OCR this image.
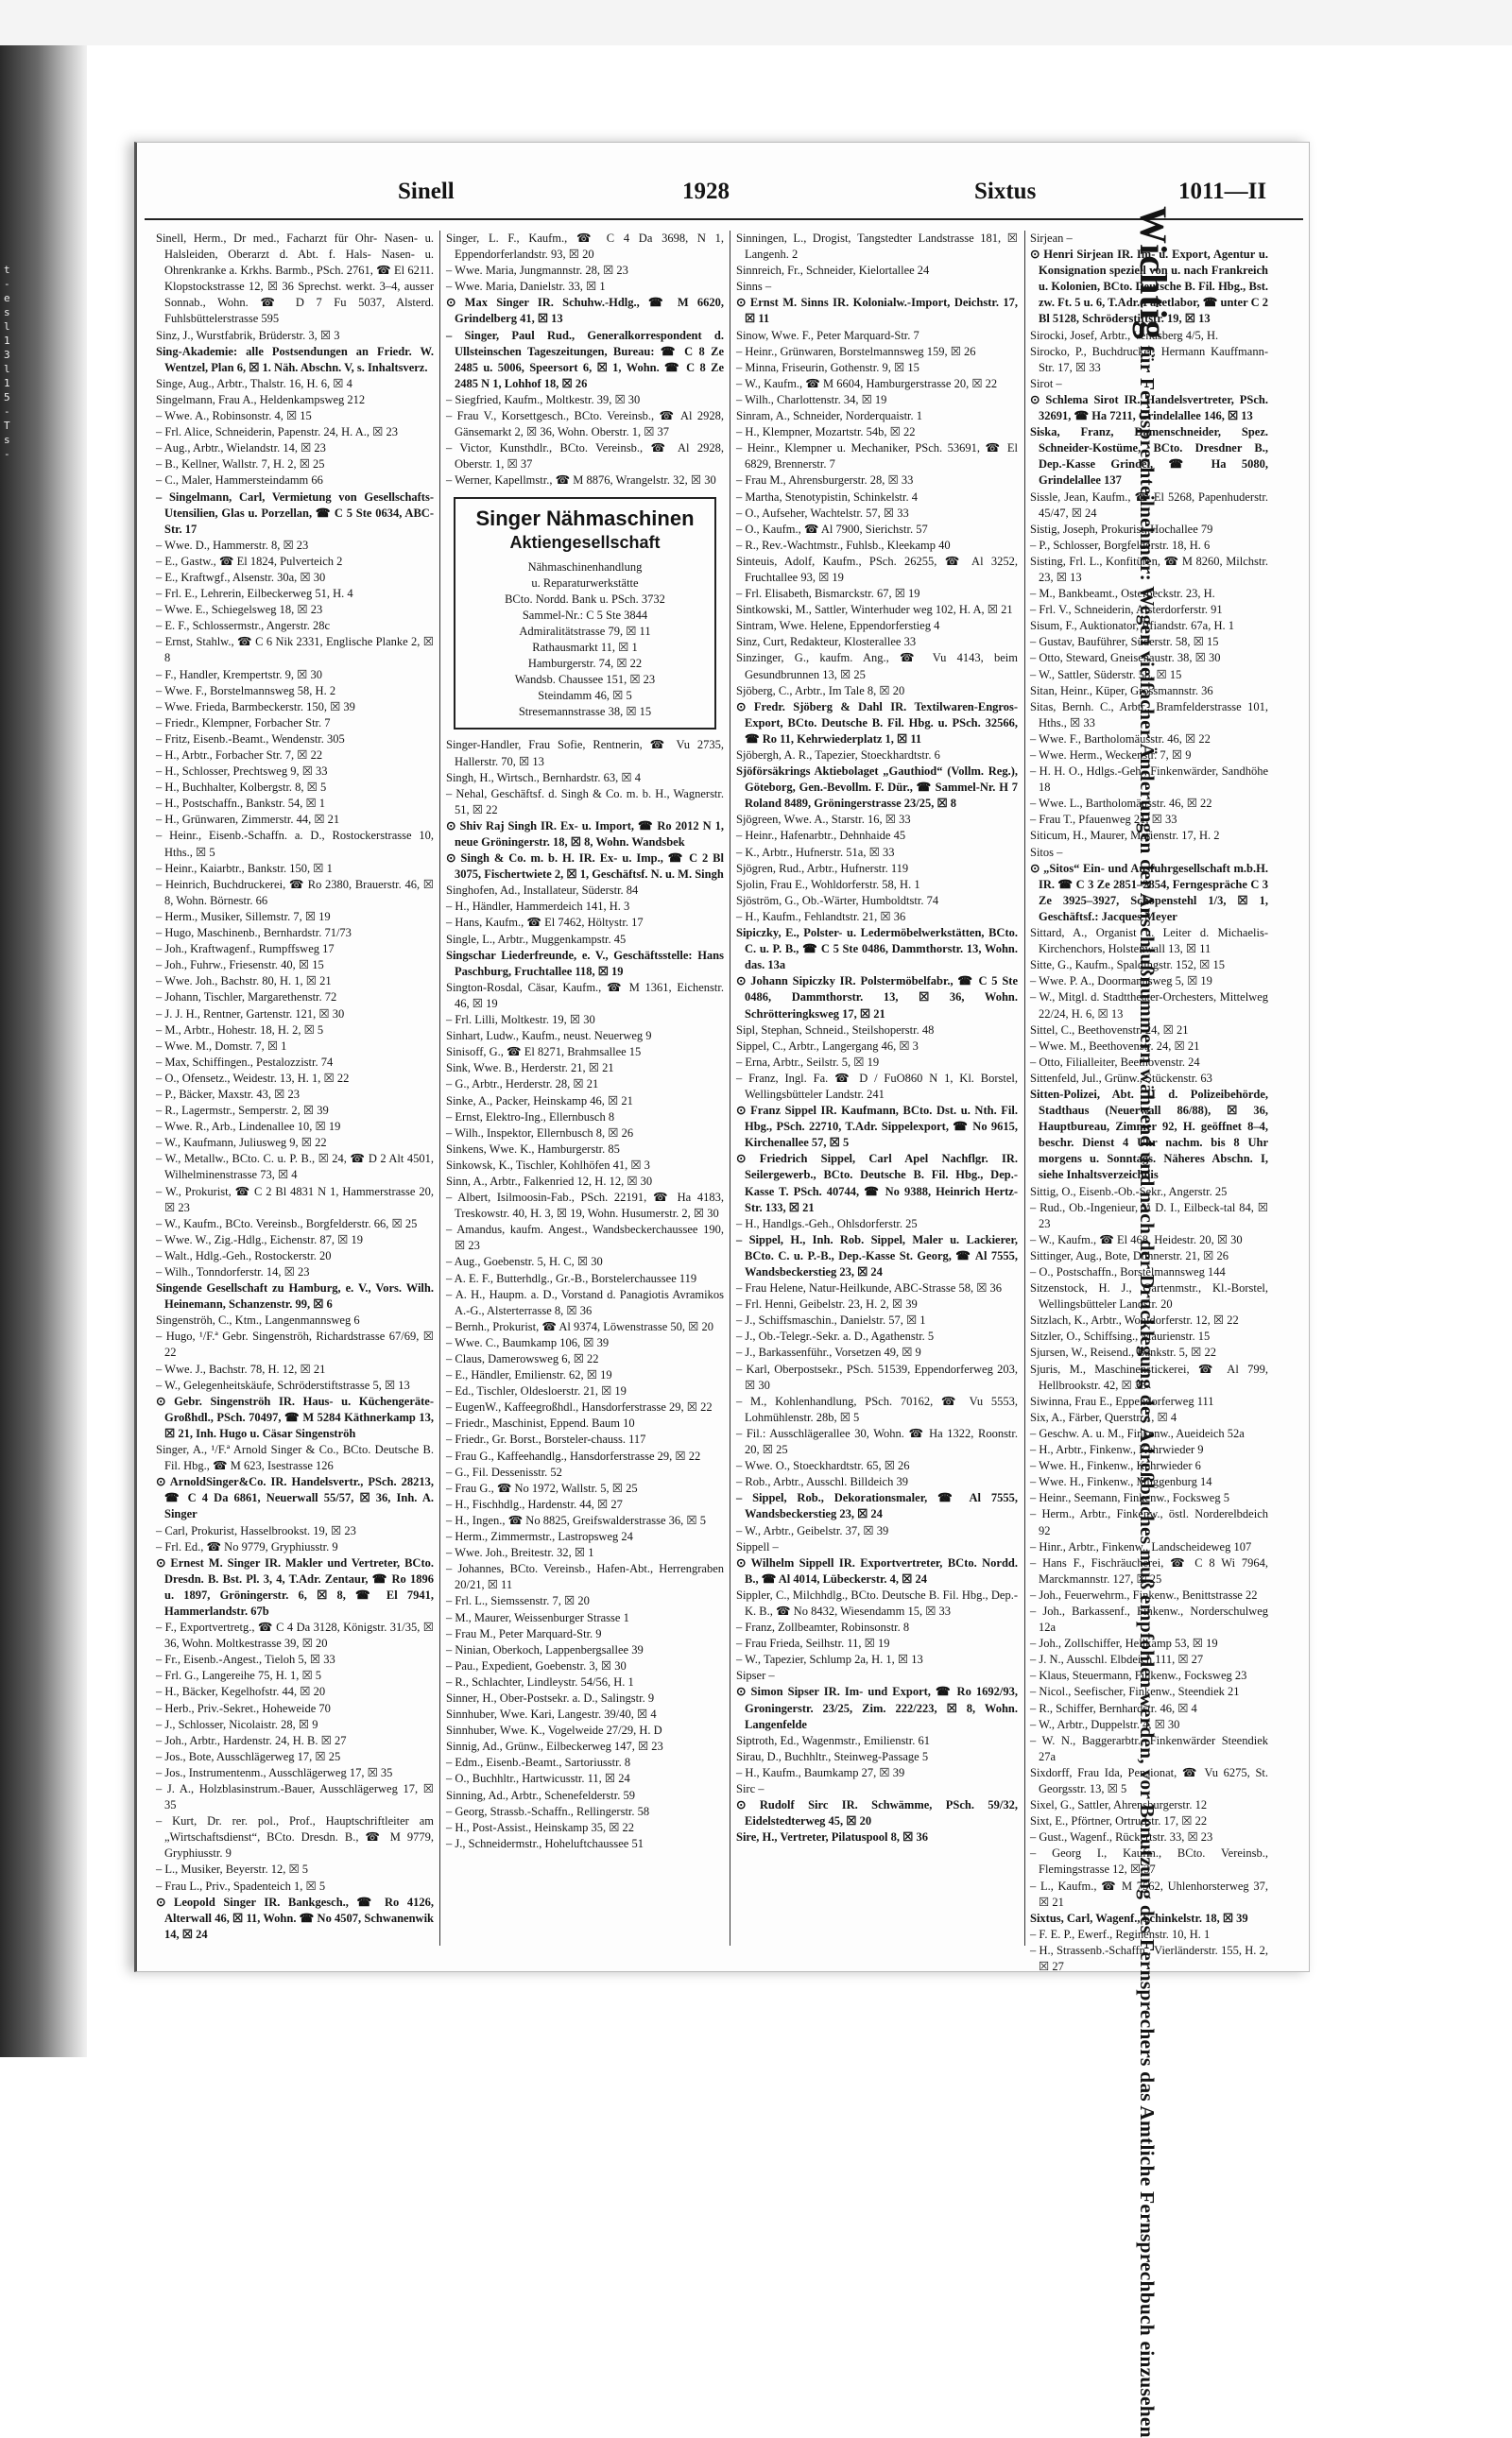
t
-
e
s
l
1
3
l
1
5
-
T
s
-
Sinell	1928	Sixtus	1011—II

Sinell, Herm., Dr med., Facharzt für Ohr- Nasen- u. Halsleiden, Oberarzt d. Abt. f. Hals- Nasen- u. Ohrenkranke a. Krkhs. Barmb., PSch. 2761, ☎ El 6211. Klopstockstrasse 12, ☒ 36 Sprechst. werkt. 3–4, ausser Sonnab., Wohn. ☎ D 7 Fu 5037, Alsterd. Fuhlsbüttelerstrasse 595

Sinz, J., Wurstfabrik, Brüderstr. 3, ☒ 3

Sing-Akademie: alle Postsendungen an Friedr. W. Wentzel, Plan 6, ☒ 1. Näh. Abschn. V, s. Inhaltsverz.

Singe, Aug., Arbtr., Thalstr. 16, H. 6, ☒ 4

Singelmann, Frau A., Heldenkampsweg 212

– Wwe. A., Robinsonstr. 4, ☒ 15

– Frl. Alice, Schneiderin, Papenstr. 24, H. A., ☒ 23

– Aug., Arbtr., Wielandstr. 14, ☒ 23

– B., Kellner, Wallstr. 7, H. 2, ☒ 25

– C., Maler, Hammersteindamm 66

– Singelmann, Carl, Vermietung von Gesellschafts-Utensilien, Glas u. Porzellan, ☎ C 5 Ste 0634, ABC-Str. 17

– Wwe. D., Hammerstr. 8, ☒ 23

– E., Gastw., ☎ El 1824, Pulverteich 2

– E., Kraftwgf., Alsenstr. 30a, ☒ 30

– Frl. E., Lehrerin, Eilbeckerweg 51, H. 4

– Wwe. E., Schiegelsweg 18, ☒ 23

– E. F., Schlossermstr., Angerstr. 28c

– Ernst, Stahlw., ☎ C 6 Nik 2331, Englische Planke 2, ☒ 8

– F., Handler, Krempertstr. 9, ☒ 30

– Wwe. F., Borstelmannsweg 58, H. 2

– Wwe. Frieda, Barmbeckerstr. 150, ☒ 39

– Friedr., Klempner, Forbacher Str. 7

– Fritz, Eisenb.-Beamt., Wendenstr. 305

– H., Arbtr., Forbacher Str. 7, ☒ 22

– H., Schlosser, Prechtsweg 9, ☒ 33

– H., Buchhalter, Kolbergstr. 8, ☒ 5

– H., Postschaffn., Bankstr. 54, ☒ 1

– H., Grünwaren, Zimmerstr. 44, ☒ 21

– Heinr., Eisenb.-Schaffn. a. D., Rostockerstrasse 10, Hths., ☒ 5

– Heinr., Kaiarbtr., Bankstr. 150, ☒ 1

– Heinrich, Buchdruckerei, ☎ Ro 2380, Brauerstr. 46, ☒ 8, Wohn. Börnestr. 66

– Herm., Musiker, Sillemstr. 7, ☒ 19

– Hugo, Maschinenb., Bernhardstr. 71/73

– Joh., Kraftwagenf., Rumpffsweg 17

– Joh., Fuhrw., Friesenstr. 40, ☒ 15

– Wwe. Joh., Bachstr. 80, H. 1, ☒ 21

– Johann, Tischler, Margarethenstr. 72

– J. J. H., Rentner, Gartenstr. 121, ☒ 30

– M., Arbtr., Hohestr. 18, H. 2, ☒ 5

– Wwe. M., Domstr. 7, ☒ 1

– Max, Schiffingen., Pestalozzistr. 74

– O., Ofensetz., Weidestr. 13, H. 1, ☒ 22

– P., Bäcker, Maxstr. 43, ☒ 23

– R., Lagermstr., Semperstr. 2, ☒ 39

– Wwe. R., Arb., Lindenallee 10, ☒ 19

– W., Kaufmann, Juliusweg 9, ☒ 22

– W., Metallw., BCto. C. u. P. B., ☒ 24, ☎ D 2 Alt 4501, Wilhelminenstrasse 73, ☒ 4

– W., Prokurist, ☎ C 2 Bl 4831 N 1, Hammerstrasse 20, ☒ 23

– W., Kaufm., BCto. Vereinsb., Borgfelderstr. 66, ☒ 25

– Wwe. W., Zig.-Hdlg., Eichenstr. 87, ☒ 19

– Walt., Hdlg.-Geh., Rostockerstr. 20

– Wilh., Tonndorferstr. 14, ☒ 23

Singende Gesellschaft zu Hamburg, e. V., Vors. Wilh. Heinemann, Schanzenstr. 99, ☒ 6

Singenströh, C., Ktm., Langenmannsweg 6

– Hugo, ¹/F.ª Gebr. Singenströh, Richardstrasse 67/69, ☒ 22

– Wwe. J., Bachstr. 78, H. 12, ☒ 21

– W., Gelegenheitskäufe, Schröderstiftstrasse 5, ☒ 13

⊙ Gebr. Singenströh IR. Haus- u. Küchengeräte-Großhdl., PSch. 70497, ☎ M 5284 Käthnerkamp 13, ☒ 21, Inh. Hugo u. Cäsar Singenströh

Singer, A., ¹/F.ª Arnold Singer & Co., BCto. Deutsche B. Fil. Hbg., ☎ M 623, Isestrasse 126

⊙ ArnoldSinger&Co. IR. Handelsvertr., PSch. 28213, ☎ C 4 Da 6861, Neuerwall 55/57, ☒ 36, Inh. A. Singer

– Carl, Prokurist, Hasselbrookst. 19, ☒ 23

– Frl. Ed., ☎ No 9779, Gryphiusstr. 9

⊙ Ernest M. Singer IR. Makler und Vertreter, BCto. Dresdn. B. Bst. Pl. 3, 4, T.Adr. Zentaur, ☎ Ro 1896 u. 1897, Gröningerstr. 6, ☒ 8, ☎ El 7941, Hammerlandstr. 67b

– F., Exportvertretg., ☎ C 4 Da 3128, Königstr. 31/35, ☒ 36, Wohn. Moltkestrasse 39, ☒ 20

– Fr., Eisenb.-Angest., Tieloh 5, ☒ 33

– Frl. G., Langereihe 75, H. 1, ☒ 5

– H., Bäcker, Kegelhofstr. 44, ☒ 20

– Herb., Priv.-Sekret., Hoheweide 70

– J., Schlosser, Nicolaistr. 28, ☒ 9

– Joh., Arbtr., Hardenstr. 24, H. B. ☒ 27

– Jos., Bote, Ausschlägerweg 17, ☒ 25

– Jos., Instrumentenm., Ausschlägerweg 17, ☒ 35

– J. A., Holzblasinstrum.-Bauer, Ausschlägerweg 17, ☒ 35

– Kurt, Dr. rer. pol., Prof., Hauptschriftleiter am „Wirtschaftsdienst“, BCto. Dresdn. B., ☎ M 9779, Gryphiusstr. 9

– L., Musiker, Beyerstr. 12, ☒ 5

– Frau L., Priv., Spadenteich 1, ☒ 5

⊙ Leopold Singer IR. Bankgesch., ☎ Ro 4126, Alterwall 46, ☒ 11, Wohn. ☎ No 4507, Schwanenwik 14, ☒ 24

Singer, L. F., Kaufm., ☎ C 4 Da 3698, N 1, Eppendorferlandstr. 93, ☒ 20

– Wwe. Maria, Jungmannstr. 28, ☒ 23

– Wwe. Maria, Danielstr. 33, ☒ 1

⊙ Max Singer IR. Schuhw.-Hdlg., ☎ M 6620, Grindelberg 41, ☒ 13

– Singer, Paul Rud., Generalkorrespondent d. Ullsteinschen Tageszeitungen, Bureau: ☎ C 8 Ze 2485 u. 5006, Speersort 6, ☒ 1, Wohn. ☎ C 8 Ze 2485 N 1, Lohhof 18, ☒ 26

– Siegfried, Kaufm., Moltkestr. 39, ☒ 30

– Frau V., Korsettgesch., BCto. Vereinsb., ☎ Al 2928, Gänsemarkt 2, ☒ 36, Wohn. Oberstr. 1, ☒ 37

– Victor, Kunsthdlr., BCto. Vereinsb., ☎ Al 2928, Oberstr. 1, ☒ 37

– Werner, Kapellmstr., ☎ M 8876, Wrangelstr. 32, ☒ 30

Singer Nähmaschinen
Aktiengesellschaft
Nähmaschinenhandlung
u. Reparaturwerkstätte
BCto. Nordd. Bank u. PSch. 3732
Sammel-Nr.: C 5 Ste 3844
Admiralitätstrasse 79, ☒ 11
Rathausmarkt 11, ☒ 1
Hamburgerstr. 74, ☒ 22
Wandsb. Chaussee 151, ☒ 23
Steindamm 46, ☒ 5
Stresemannstrasse 38, ☒ 15

Singer-Handler, Frau Sofie, Rentnerin, ☎ Vu 2735, Hallerstr. 70, ☒ 13

Singh, H., Wirtsch., Bernhardstr. 63, ☒ 4

– Nehal, Geschäftsf. d. Singh & Co. m. b. H., Wagnerstr. 51, ☒ 22

⊙ Shiv Raj Singh IR. Ex- u. Import, ☎ Ro 2012 N 1, neue Gröningerstr. 18, ☒ 8, Wohn. Wandsbek

⊙ Singh & Co. m. b. H. IR. Ex- u. Imp., ☎ C 2 Bl 3075, Fischertwiete 2, ☒ 1, Geschäftsf. N. u. M. Singh

Singhofen, Ad., Installateur, Süderstr. 84

– H., Händler, Hammerdeich 141, H. 3

– Hans, Kaufm., ☎ El 7462, Höltystr. 17

Single, L., Arbtr., Muggenkampstr. 45

Singschar Liederfreunde, e. V., Geschäftsstelle: Hans Paschburg, Fruchtallee 118, ☒ 19

Sington-Rosdal, Cäsar, Kaufm., ☎ M 1361, Eichenstr. 46, ☒ 19

– Frl. Lilli, Moltkestr. 19, ☒ 30

Sinhart, Ludw., Kaufm., neust. Neuerweg 9

Sinisoff, G., ☎ El 8271, Brahmsallee 15

Sink, Wwe. B., Herderstr. 21, ☒ 21

– G., Arbtr., Herderstr. 28, ☒ 21

Sinke, A., Packer, Heinskamp 46, ☒ 21

– Ernst, Elektro-Ing., Ellernbusch 8

– Wilh., Inspektor, Ellernbusch 8, ☒ 26

Sinkens, Wwe. K., Hamburgerstr. 85

Sinkowsk, K., Tischler, Kohlhöfen 41, ☒ 3

Sinn, A., Arbtr., Falkenried 12, H. 12, ☒ 30

– Albert, Isilmoosin-Fab., PSch. 22191, ☎ Ha 4183, Treskowstr. 40, H. 3, ☒ 19, Wohn. Husumerstr. 2, ☒ 30

– Amandus, kaufm. Angest., Wandsbeckerchaussee 190, ☒ 23

– Aug., Goebenstr. 5, H. C, ☒ 30

– A. E. F., Butterhdlg., Gr.-B., Borstelerchaussee 119

– A. H., Haupm. a. D., Vorstand d. Panagiotis Avramikos A.-G., Alsterterrasse 8, ☒ 36

– Bernh., Prokurist, ☎ Al 9374, Löwenstrasse 50, ☒ 20

– Wwe. C., Baumkamp 106, ☒ 39

– Claus, Damerowsweg 6, ☒ 22

– E., Händler, Emilienstr. 62, ☒ 19

– Ed., Tischler, Oldesloerstr. 21, ☒ 19

– EugenW., Kaffeegroßhdl., Hansdorferstrasse 29, ☒ 22

– Friedr., Maschinist, Eppend. Baum 10

– Friedr., Gr. Borst., Borsteler-chauss. 117

– Frau G., Kaffeehandlg., Hansdorferstrasse 29, ☒ 22

– G., Fil. Dessenisstr. 52

– Frau G., ☎ No 1972, Wallstr. 5, ☒ 25

– H., Fischhdlg., Hardenstr. 44, ☒ 27

– H., Ingen., ☎ No 8825, Greifswalderstrasse 36, ☒ 5

– Herm., Zimmermstr., Lastropsweg 24

– Wwe. Joh., Breitestr. 32, ☒ 1

– Johannes, BCto. Vereinsb., Hafen-Abt., Herrengraben 20/21, ☒ 11

– Frl. L., Siemssenstr. 7, ☒ 20

– M., Maurer, Weissenburger Strasse 1

– Frau M., Peter Marquard-Str. 9

– Ninian, Oberkoch, Lappenbergsallee 39

– Pau., Expedient, Goebenstr. 3, ☒ 30

– R., Schlachter, Lindleystr. 54/56, H. 1

Sinner, H., Ober-Postsekr. a. D., Salingstr. 9

Sinnhuber, Wwe. Kari, Langestr. 39/40, ☒ 4

Sinnhuber, Wwe. K., Vogelweide 27/29, H. D

Sinnig, Ad., Grünw., Eilbeckerweg 147, ☒ 23

– Edm., Eisenb.-Beamt., Sartoriusstr. 8

– O., Buchhltr., Hartwicusstr. 11, ☒ 24

Sinning, Ad., Arbtr., Schenefelderstr. 59

– Georg, Strassb.-Schaffn., Rellingerstr. 58

– H., Post-Assist., Heinskamp 35, ☒ 22

– J., Schneidermstr., Hoheluftchaussee 51

Sinningen, L., Drogist, Tangstedter Landstrasse 181, ☒ Langenh. 2

Sinnreich, Fr., Schneider, Kielortallee 24

Sinns –

⊙ Ernst M. Sinns IR. Kolonialw.-Import, Deichstr. 17, ☒ 11

Sinow, Wwe. F., Peter Marquard-Str. 7

– Heinr., Grünwaren, Borstelmannsweg 159, ☒ 26

– Minna, Friseurin, Gothenstr. 9, ☒ 15

– W., Kaufm., ☎ M 6604, Hamburgerstrasse 20, ☒ 22

– Wilh., Charlottenstr. 34, ☒ 19

Sinram, A., Schneider, Norderquaistr. 1

– H., Klempner, Mozartstr. 54b, ☒ 22

– Heinr., Klempner u. Mechaniker, PSch. 53691, ☎ El 6829, Brennerstr. 7

– Frau M., Ahrensburgerstr. 28, ☒ 33

– Martha, Stenotypistin, Schinkelstr. 4

– O., Aufseher, Wachtelstr. 57, ☒ 33

– O., Kaufm., ☎ Al 7900, Sierichstr. 57

– R., Rev.-Wachtmstr., Fuhlsb., Kleekamp 40

Sinteuis, Adolf, Kaufm., PSch. 26255, ☎ Al 3252, Fruchtallee 93, ☒ 19

– Frl. Elisabeth, Bismarckstr. 67, ☒ 19

Sintkowski, M., Sattler, Winterhuder weg 102, H. A, ☒ 21

Sintram, Wwe. Helene, Eppendorferstieg 4

Sinz, Curt, Redakteur, Klosterallee 33

Sinzinger, G., kaufm. Ang., ☎ Vu 4143, beim Gesundbrunnen 13, ☒ 25

Sjöberg, C., Arbtr., Im Tale 8, ☒ 20

⊙ Fredr. Sjöberg & Dahl IR. Textilwaren-Engros-Export, BCto. Deutsche B. Fil. Hbg. u. PSch. 32566, ☎ Ro 11, Kehrwiederplatz 1, ☒ 11

Sjöbergh, A. R., Tapezier, Stoeckhardtstr. 6

Sjöförsäkrings Aktiebolaget „Gauthiod“ (Vollm. Reg.), Göteborg, Gen.-Bevollm. F. Dür., ☎ Sammel-Nr. H 7 Roland 8489, Gröningerstrasse 23/25, ☒ 8

Sjögreen, Wwe. A., Starstr. 16, ☒ 33

– Heinr., Hafenarbtr., Dehnhaide 45

– K., Arbtr., Hufnerstr. 51a, ☒ 33

Sjögren, Rud., Arbtr., Hufnerstr. 119

Sjolin, Frau E., Wohldorferstr. 58, H. 1

Sjöström, G., Ob.-Wärter, Humboldtstr. 74

– H., Kaufm., Fehlandtstr. 21, ☒ 36

Sipiczky, E., Polster- u. Ledermöbelwerkstätten, BCto. C. u. P. B., ☎ C 5 Ste 0486, Dammthorstr. 13, Wohn. das. 13a

⊙ Johann Sipiczky IR. Polstermöbelfabr., ☎ C 5 Ste 0486, Dammthorstr. 13, ☒ 36, Wohn. Schrötteringksweg 17, ☒ 21

Sipl, Stephan, Schneid., Steilshoperstr. 48

Sippel, C., Arbtr., Langergang 46, ☒ 3

– Erna, Arbtr., Seilstr. 5, ☒ 19

– Franz, Ingl. Fa. ☎ D / FuO860 N 1, Kl. Borstel, Wellingsbütteler Landstr. 241

⊙ Franz Sippel IR. Kaufmann, BCto. Dst. u. Nth. Fil. Hbg., PSch. 22710, T.Adr. Sippelexport, ☎ No 9615, Kirchenallee 57, ☒ 5

⊙ Friedrich Sippel, Carl Apel Nachflgr. IR. Seilergewerb., BCto. Deutsche B. Fil. Hbg., Dep.-Kasse T. PSch. 40744, ☎ No 9388, Heinrich Hertz-Str. 133, ☒ 21

– H., Handlgs.-Geh., Ohlsdorferstr. 25

– Sippel, H., Inh. Rob. Sippel, Maler u. Lackierer, BCto. C. u. P.-B., Dep.-Kasse St. Georg, ☎ Al 7555, Wandsbeckerstieg 23, ☒ 24

– Frau Helene, Natur-Heilkunde, ABC-Strasse 58, ☒ 36

– Frl. Henni, Geibelstr. 23, H. 2, ☒ 39

– J., Schiffsmaschin., Danielstr. 57, ☒ 1

– J., Ob.-Telegr.-Sekr. a. D., Agathenstr. 5

– J., Barkassenführ., Vorsetzen 49, ☒ 9

– Karl, Oberpostsekr., PSch. 51539, Eppendorferweg 203, ☒ 30

– M., Kohlenhandlung, PSch. 70162, ☎ Vu 5553, Lohmühlenstr. 28b, ☒ 5

– Fil.: Ausschlägerallee 30, Wohn. ☎ Ha 1322, Roonstr. 20, ☒ 25

– Wwe. O., Stoeckhardtstr. 65, ☒ 26

– Rob., Arbtr., Ausschl. Billdeich 39

– Sippel, Rob., Dekorationsmaler, ☎ Al 7555, Wandsbeckerstieg 23, ☒ 24

– W., Arbtr., Geibelstr. 37, ☒ 39

Sippell –

⊙ Wilhelm Sippell IR. Exportvertreter, BCto. Nordd. B., ☎ Al 4014, Lübeckerstr. 4, ☒ 24

Sippler, C., Milchhdlg., BCto. Deutsche B. Fil. Hbg., Dep.-K. B., ☎ No 8432, Wiesendamm 15, ☒ 33

– Franz, Zollbeamter, Robinsonstr. 8

– Frau Frieda, Seilhstr. 11, ☒ 19

– W., Tapezier, Schlump 2a, H. 1, ☒ 13

Sipser –

⊙ Simon Sipser IR. Im- und Export, ☎ Ro 1692/93, Groningerstr. 23/25, Zim. 222/223, ☒ 8, Wohn. Langenfelde

Siptroth, Ed., Wagenmstr., Emilienstr. 61

Sirau, D., Buchhltr., Steinweg-Passage 5

– H., Kaufm., Baumkamp 27, ☒ 39

Sirc –

⊙ Rudolf Sirc IR. Schwämme, PSch. 59/32, Eidelstedterweg 45, ☒ 20

Sire, H., Vertreter, Pilatuspool 8, ☒ 36

Sirjean –

⊙ Henri Sirjean IR. Im- u. Export, Agentur u. Konsignation speziell von u. nach Frankreich u. Kolonien, BCto. Deutsche B. Fil. Hbg., Bst. zw. Ft. 5 u. 6, T.Adr. Paxetlabor, ☎ unter C 2 Bl 5128, Schröderstiftstr. 19, ☒ 13

Sirocki, Josef, Arbtr., Venusberg 4/5, H.

Sirocko, P., Buchdrucker, Hermann Kauffmann-Str. 17, ☒ 33

Sirot –

⊙ Schlema Sirot IR. Handelsvertreter, PSch. 32691, ☎ Ha 7211, Grindelallee 146, ☒ 13

Siska, Franz, Damenschneider, Spez. Schneider-Kostüme, BCto. Dresdner B., Dep.-Kasse Grindel, ☎ Ha 5080, Grindelallee 137

Sissle, Jean, Kaufm., ☎ El 5268, Papenhuderstr. 45/47, ☒ 24

Sistig, Joseph, Prokurist, Hochallee 79

– P., Schlosser, Borgfelderstr. 18, H. 6

Sisting, Frl. L., Konfitüren, ☎ M 8260, Milchstr. 23, ☒ 13

– M., Bankbeamt., Osterbeckstr. 23, H.

– Frl. V., Schneiderin, Alsterdorferstr. 91

Sisum, F., Auktionator, Iffiandstr. 67a, H. 1

– Gustav, Bauführer, Süderstr. 58, ☒ 15

– Otto, Steward, Gneisenaustr. 38, ☒ 30

– W., Sattler, Süderstr. 58, ☒ 15

Sitan, Heinr., Küper, Grossmannstr. 36

Sitas, Bernh. C., Arbtr., Bramfelderstrasse 101, Hths., ☒ 33

– Wwe. F., Bartholomäusstr. 46, ☒ 22

– Wwe. Herm., Weckenstr. 7, ☒ 9

– H. H. O., Hdlgs.-Geh., Finkenwärder, Sandhöhe 18

– Wwe. L., Bartholomäusstr. 46, ☒ 22

– Frau T., Pfauenweg 21, ☒ 33

Siticum, H., Maurer, Marienstr. 17, H. 2

Sitos –

⊙ „Sitos“ Ein- und Ausfuhrgesellschaft m.b.H. IR. ☎ C 3 Ze 2851–2854, Ferngespräche C 3 Ze 3925–3927, Schopenstehl 1/3, ☒ 1, Geschäftsf.: Jacques Meyer

Sittard, A., Organist u. Leiter d. Michaelis-Kirchenchors, Holstenwall 13, ☒ 11

Sitte, G., Kaufm., Spaldingstr. 152, ☒ 15

– Wwe. P. A., Doormannsweg 5, ☒ 19

– W., Mitgl. d. Stadttheater-Orchesters, Mittelweg 22/24, H. 6, ☒ 13

Sittel, C., Beethovenstr. 24, ☒ 21

– Wwe. M., Beethovenstr. 24, ☒ 21

– Otto, Filialleiter, Beethovenstr. 24

Sittenfeld, Jul., Grünw., Stückenstr. 63

Sitten-Polizei, Abt. II d. Polizeibehörde, Stadthaus (Neuerwall 86/88), ☒ 36, Hauptbureau, Zimmer 92, H. geöffnet 8–4, beschr. Dienst 4 Uhr nachm. bis 8 Uhr morgens u. Sonntags. Näheres Abschn. I, siehe Inhaltsverzeichnis

Sittig, O., Eisenb.-Ob.-Sekr., Angerstr. 25

– Rud., Ob.-Ingenieur, V. D. I., Eilbeck-tal 84, ☒ 23

– W., Kaufm., ☎ El 468, Heidestr. 20, ☒ 30

Sittinger, Aug., Bote, Döhnerstr. 21, ☒ 26

– O., Postschaffn., Borstelmannsweg 144

Sitzenstock, H. J., Gartenmstr., Kl.-Borstel, Wellingsbütteler Landstr. 20

Sitzlach, K., Arbtr., Wohldorferstr. 12, ☒ 22

Sitzler, O., Schiffsing., Maurienstr. 15

Sjursen, W., Reisend., Bankstr. 5, ☒ 22

Sjuris, M., Maschinenstickerei, ☎ Al 799, Hellbrookstr. 42, ☒ 33

Siwinna, Frau E., Eppendorferweg 111

Six, A., Färber, Querstr. 1, ☒ 4

– Geschw. A. u. M., Finkenw., Aueideich 52a

– H., Arbtr., Finkenw., Kehrwieder 9

– Wwe. H., Finkenw., Kehrwieder 6

– Wwe. H., Finkenw., Muggenburg 14

– Heinr., Seemann, Finkenw., Focksweg 5

– Herm., Arbtr., Finkenw., östl. Norderelbdeich 92

– Hinr., Arbtr., Finkenw., Landscheideweg 107

– Hans F., Fischräucherei, ☎ C 8 Wi 7964, Marckmannstr. 127, ☒ 25

– Joh., Feuerwehrm., Finkenw., Benittstrasse 22

– Joh., Barkassenf., Finkenw., Norderschulweg 12a

– Joh., Zollschiffer, Hellkamp 53, ☒ 19

– J. N., Ausschl. Elbdeich 111, ☒ 27

– Klaus, Steuermann, Finkenw., Focksweg 23

– Nicol., Seefischer, Finkenw., Steendiek 21

– R., Schiffer, Bernhardstr. 46, ☒ 4

– W., Arbtr., Duppelstr. 4, ☒ 30

– W. N., Baggerarbtr., Finkenwärder Steendiek 27a

Sixdorff, Frau Ida, Pensionat, ☎ Vu 6275, St. Georgsstr. 13, ☒ 5

Sixel, G., Sattler, Ahrensburgerstr. 12

Sixt, E., Pförtner, Ortrudstr. 17, ☒ 22

– Gust., Wagenf., Rückertstr. 33, ☒ 23

– Georg I., Kaufm., BCto. Vereinsb., Flemingstrasse 12, ☒ 37

– L., Kaufm., ☎ M 7562, Uhlenhorsterweg 37, ☒ 21

Sixtus, Carl, Wagenf., Schinkelstr. 18, ☒ 39

– F. E. P., Ewerf., Reginenstr. 10, H. 1

– H., Strassenb.-Schaffn., Vierländerstr. 155, H. 2, ☒ 27

Wichtig für Fernsprechteilnehmer: Wegen vielfacher Änderungen der Anschlußnummern während und nach der Drucklegung des Adreßbuches muß empfohlen werden, vor Benutzung des Fernsprechers das Amtliche Fernsprechbuch einzusehen
